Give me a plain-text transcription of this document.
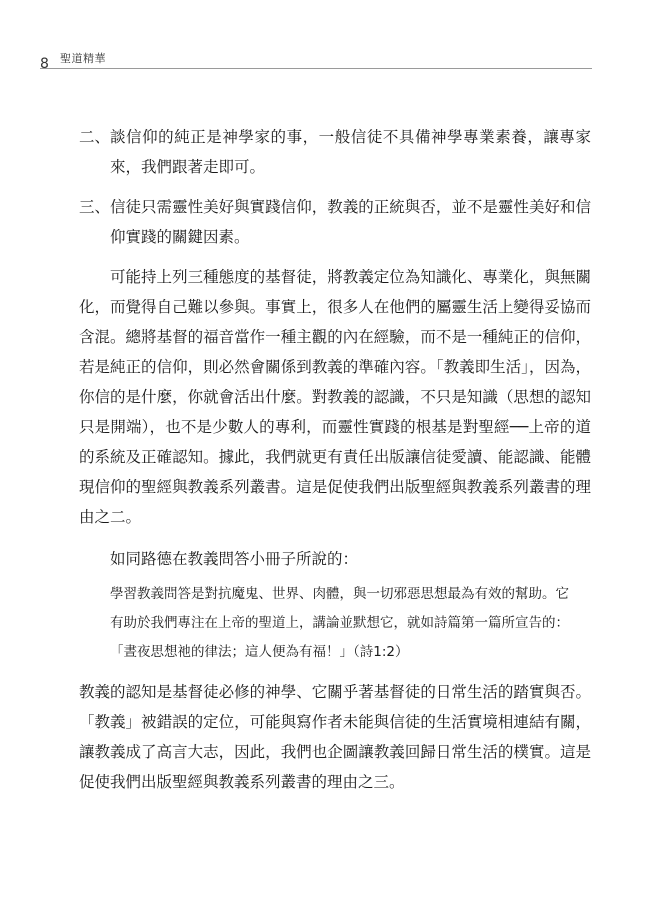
8 聖道精華
二、 談信仰的純正是神學家的事，一般信徒不具備神學專業素養，讓專家來，我們跟著走即可。
三、 信徒只需靈性美好與實踐信仰，教義的正統與否，並不是靈性美好和信仰實踐的關鍵因素。

可能持上列三種態度的基督徒，將教義定位為知識化、專業化，與無關化，而覺得自己難以參與。事實上，很多人在他們的屬靈生活上變得妥協而含混。總將基督的福音當作一種主觀的內在經驗，而不是一種純正的信仰，若是純正的信仰，則必然會關係到教義的準確內容。「教義即生活」，因為，你信的是什麼，你就會活出什麼。對教義的認識，不只是知識（思想的認知只是開端），也不是少數人的專利，而靈性實踐的根基是對聖經──上帝的道的系統及正確認知。據此，我們就更有責任出版讓信徒愛讀、能認識、能體現信仰的聖經與教義系列叢書。這是促使我們出版聖經與教義系列叢書的理由之二。

如同路德在教義問答小冊子所說的：

學習教義問答是對抗魔鬼、世界、肉體，與一切邪惡思想最為有效的幫助。它有助於我們專注在上帝的聖道上，講論並默想它，就如詩篇第一篇所宣告的：「晝夜思想祂的律法；這人便為有福！」（詩1:2）

教義的認知是基督徒必修的神學、它關乎著基督徒的日常生活的踏實與否。「教義」被錯誤的定位，可能與寫作者未能與信徒的生活實境相連結有關，讓教義成了高言大志，因此，我們也企圖讓教義回歸日常生活的樸實。這是促使我們出版聖經與教義系列叢書的理由之三。
